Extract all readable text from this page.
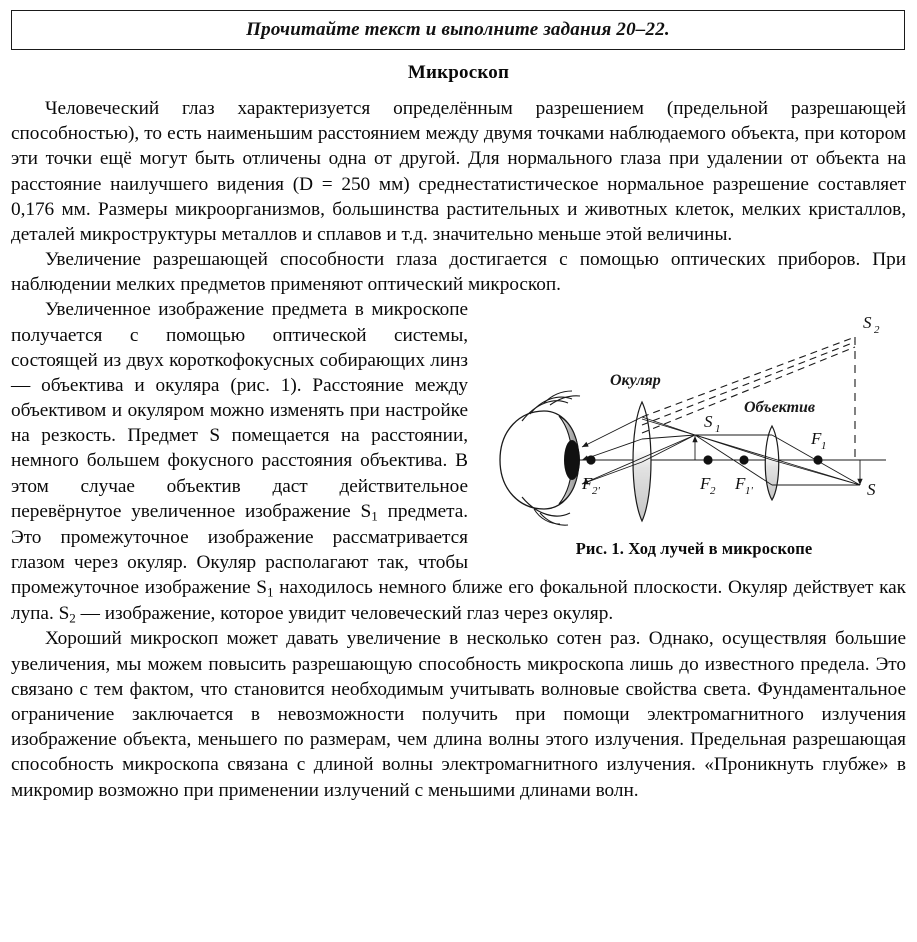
Прочитайте текст и выполните задания 20–22.
Микроскоп

Человеческий глаз характеризуется определённым разрешением (предельной разрешающей способностью), то есть наименьшим расстоянием между двумя точками наблюдаемого объекта, при котором эти точки ещё могут быть отличены одна от другой. Для нормального глаза при удалении от объекта на расстояние наилучшего видения (D = 250 мм) среднестатистическое нормальное разрешение составляет 0,176 мм. Размеры микроорганизмов, большинства растительных и животных клеток, мелких кристаллов, деталей микроструктуры металлов и сплавов и т.д. значительно меньше этой величины.

Увеличение разрешающей способности глаза достигается с помощью оптических приборов. При наблюдении мелких предметов применяют оптический микроскоп.

Окуляр
Объектив
S 2
S 1
S
F 1
F 1'
F 2
F 2'
Рис. 1. Ход лучей в микроскопе

Увеличенное изображение предмета в микроскопе получается с помощью оптической системы, состоящей из двух короткофокусных собирающих линз — объектива и окуляра (рис. 1). Расстояние между объективом и окуляром можно изменять при настройке на резкость. Предмет S помещается на расстоянии, немного большем фокусного расстояния объектива. В этом случае объектив даст действительное перевёрнутое увеличенное изображение $S_1$ предмета. Это промежуточное изображение рассматривается глазом через окуляр. Окуляр располагают так, чтобы промежуточное изображение $S_1$ находилось немного ближе его фокальной плоскости. Окуляр действует как лупа. $S_2$ — изображение, которое увидит человеческий глаз через окуляр.

Хороший микроскоп может давать увеличение в несколько сотен раз. Однако, осуществляя большие увеличения, мы можем повысить разрешающую способность микроскопа лишь до известного предела. Это связано с тем фактом, что становится необходимым учитывать волновые свойства света. Фундаментальное ограничение заключается в невозможности получить при помощи электромагнитного излучения изображение объекта, меньшего по размерам, чем длина волны этого излучения. Предельная разрешающая способность микроскопа связана с длиной волны электромагнитного излучения. «Проникнуть глубже» в микромир возможно при применении излучений с меньшими длинами волн.
